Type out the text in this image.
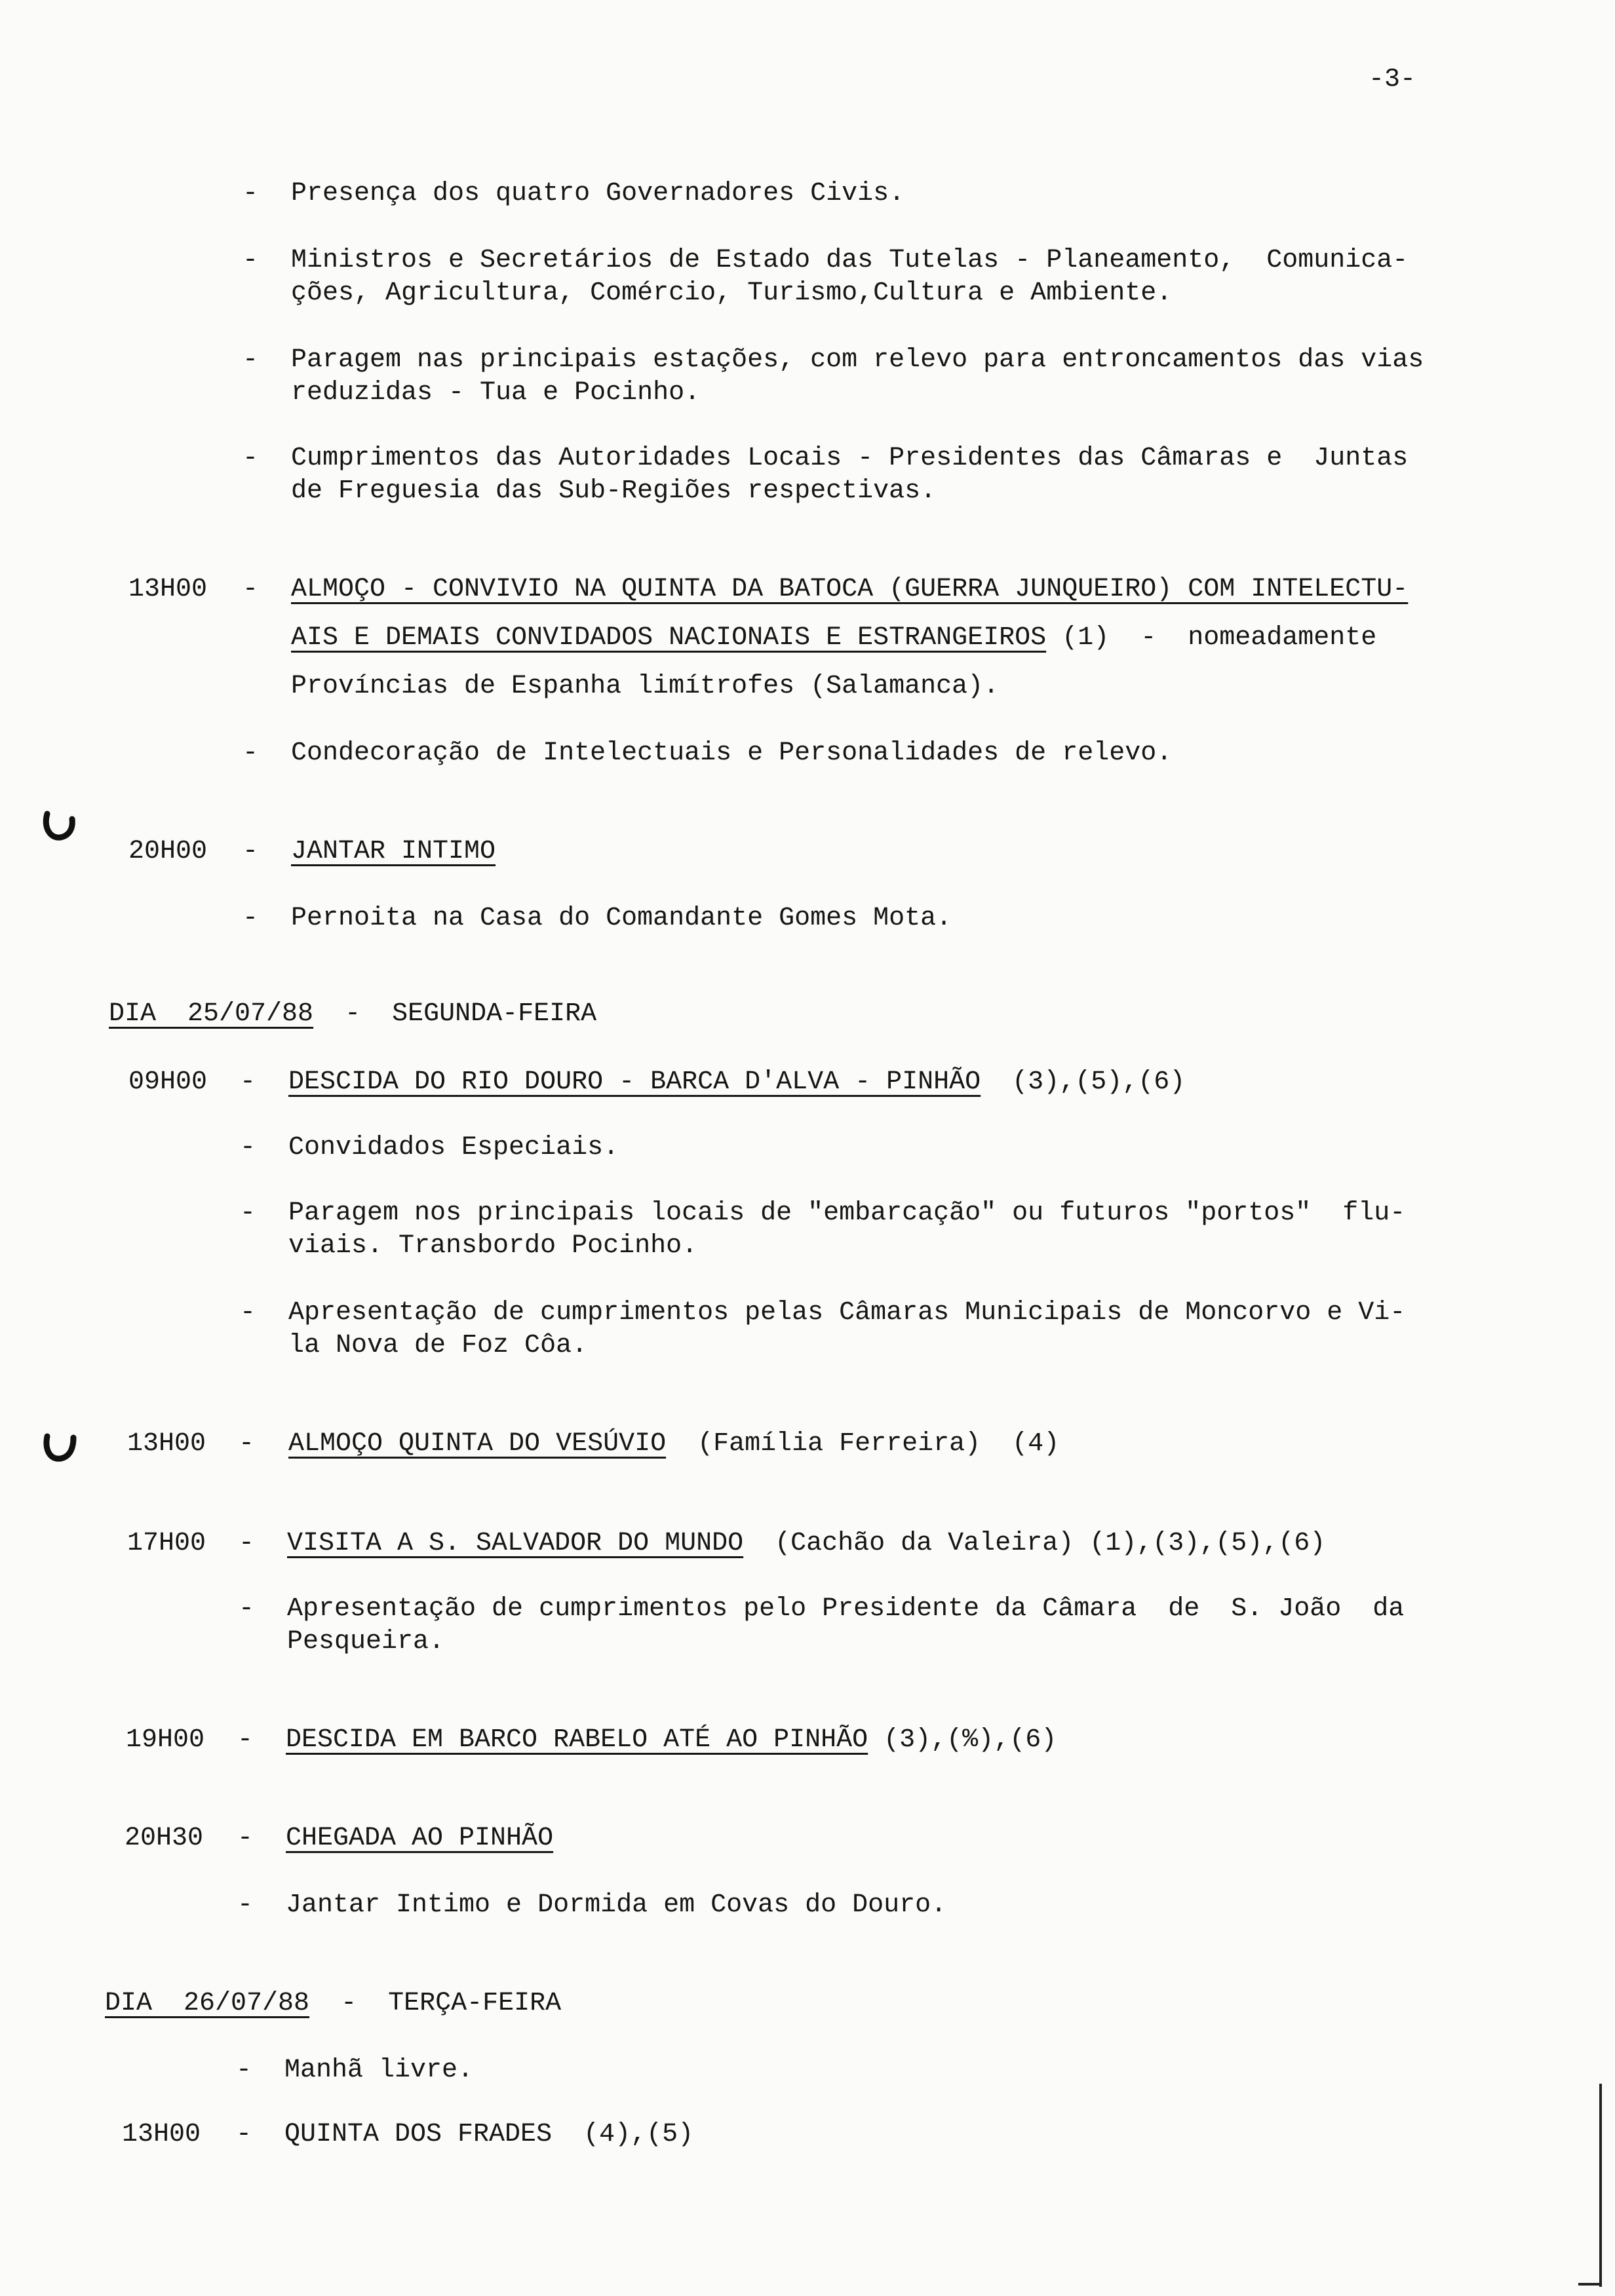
-3-
- Presença dos quatro Governadores Civis.
- Ministros e Secretários de Estado das Tutelas - Planeamento,  Comunica-
ções, Agricultura, Comércio, Turismo,Cultura e Ambiente.
- Paragem nas principais estações, com relevo para entroncamentos das vias
reduzidas - Tua e Pocinho.
- Cumprimentos das Autoridades Locais - Presidentes das Câmaras e  Juntas
de Freguesia das Sub-Regiões respectivas.
13H00 - ALMOÇO - CONVIVIO NA QUINTA DA BATOCA (GUERRA JUNQUEIRO) COM INTELECTU-
AIS E DEMAIS CONVIDADOS NACIONAIS E ESTRANGEIROS (1)  -  nomeadamente
Províncias de Espanha limítrofes (Salamanca).
- Condecoração de Intelectuais e Personalidades de relevo.
20H00 - JANTAR INTIMO
- Pernoita na Casa do Comandante Gomes Mota.
DIA  25/07/88  -  SEGUNDA-FEIRA
09H00 - DESCIDA DO RIO DOURO - BARCA D'ALVA - PINHÃO  (3),(5),(6)
- Convidados Especiais.
- Paragem nos principais locais de "embarcação" ou futuros "portos"  flu-
viais. Transbordo Pocinho.
- Apresentação de cumprimentos pelas Câmaras Municipais de Moncorvo e Vi-
la Nova de Foz Côa.
13H00 - ALMOÇO QUINTA DO VESÚVIO  (Família Ferreira)  (4)
17H00 - VISITA A S. SALVADOR DO MUNDO  (Cachão da Valeira) (1),(3),(5),(6)
- Apresentação de cumprimentos pelo Presidente da Câmara  de  S. João  da
Pesqueira.
19H00 - DESCIDA EM BARCO RABELO ATÉ AO PINHÃO (3),(%),(6)
20H30 - CHEGADA AO PINHÃO
- Jantar Intimo e Dormida em Covas do Douro.
DIA  26/07/88  -  TERÇA-FEIRA
- Manhã livre.
13H00 - QUINTA DOS FRADES  (4),(5)
